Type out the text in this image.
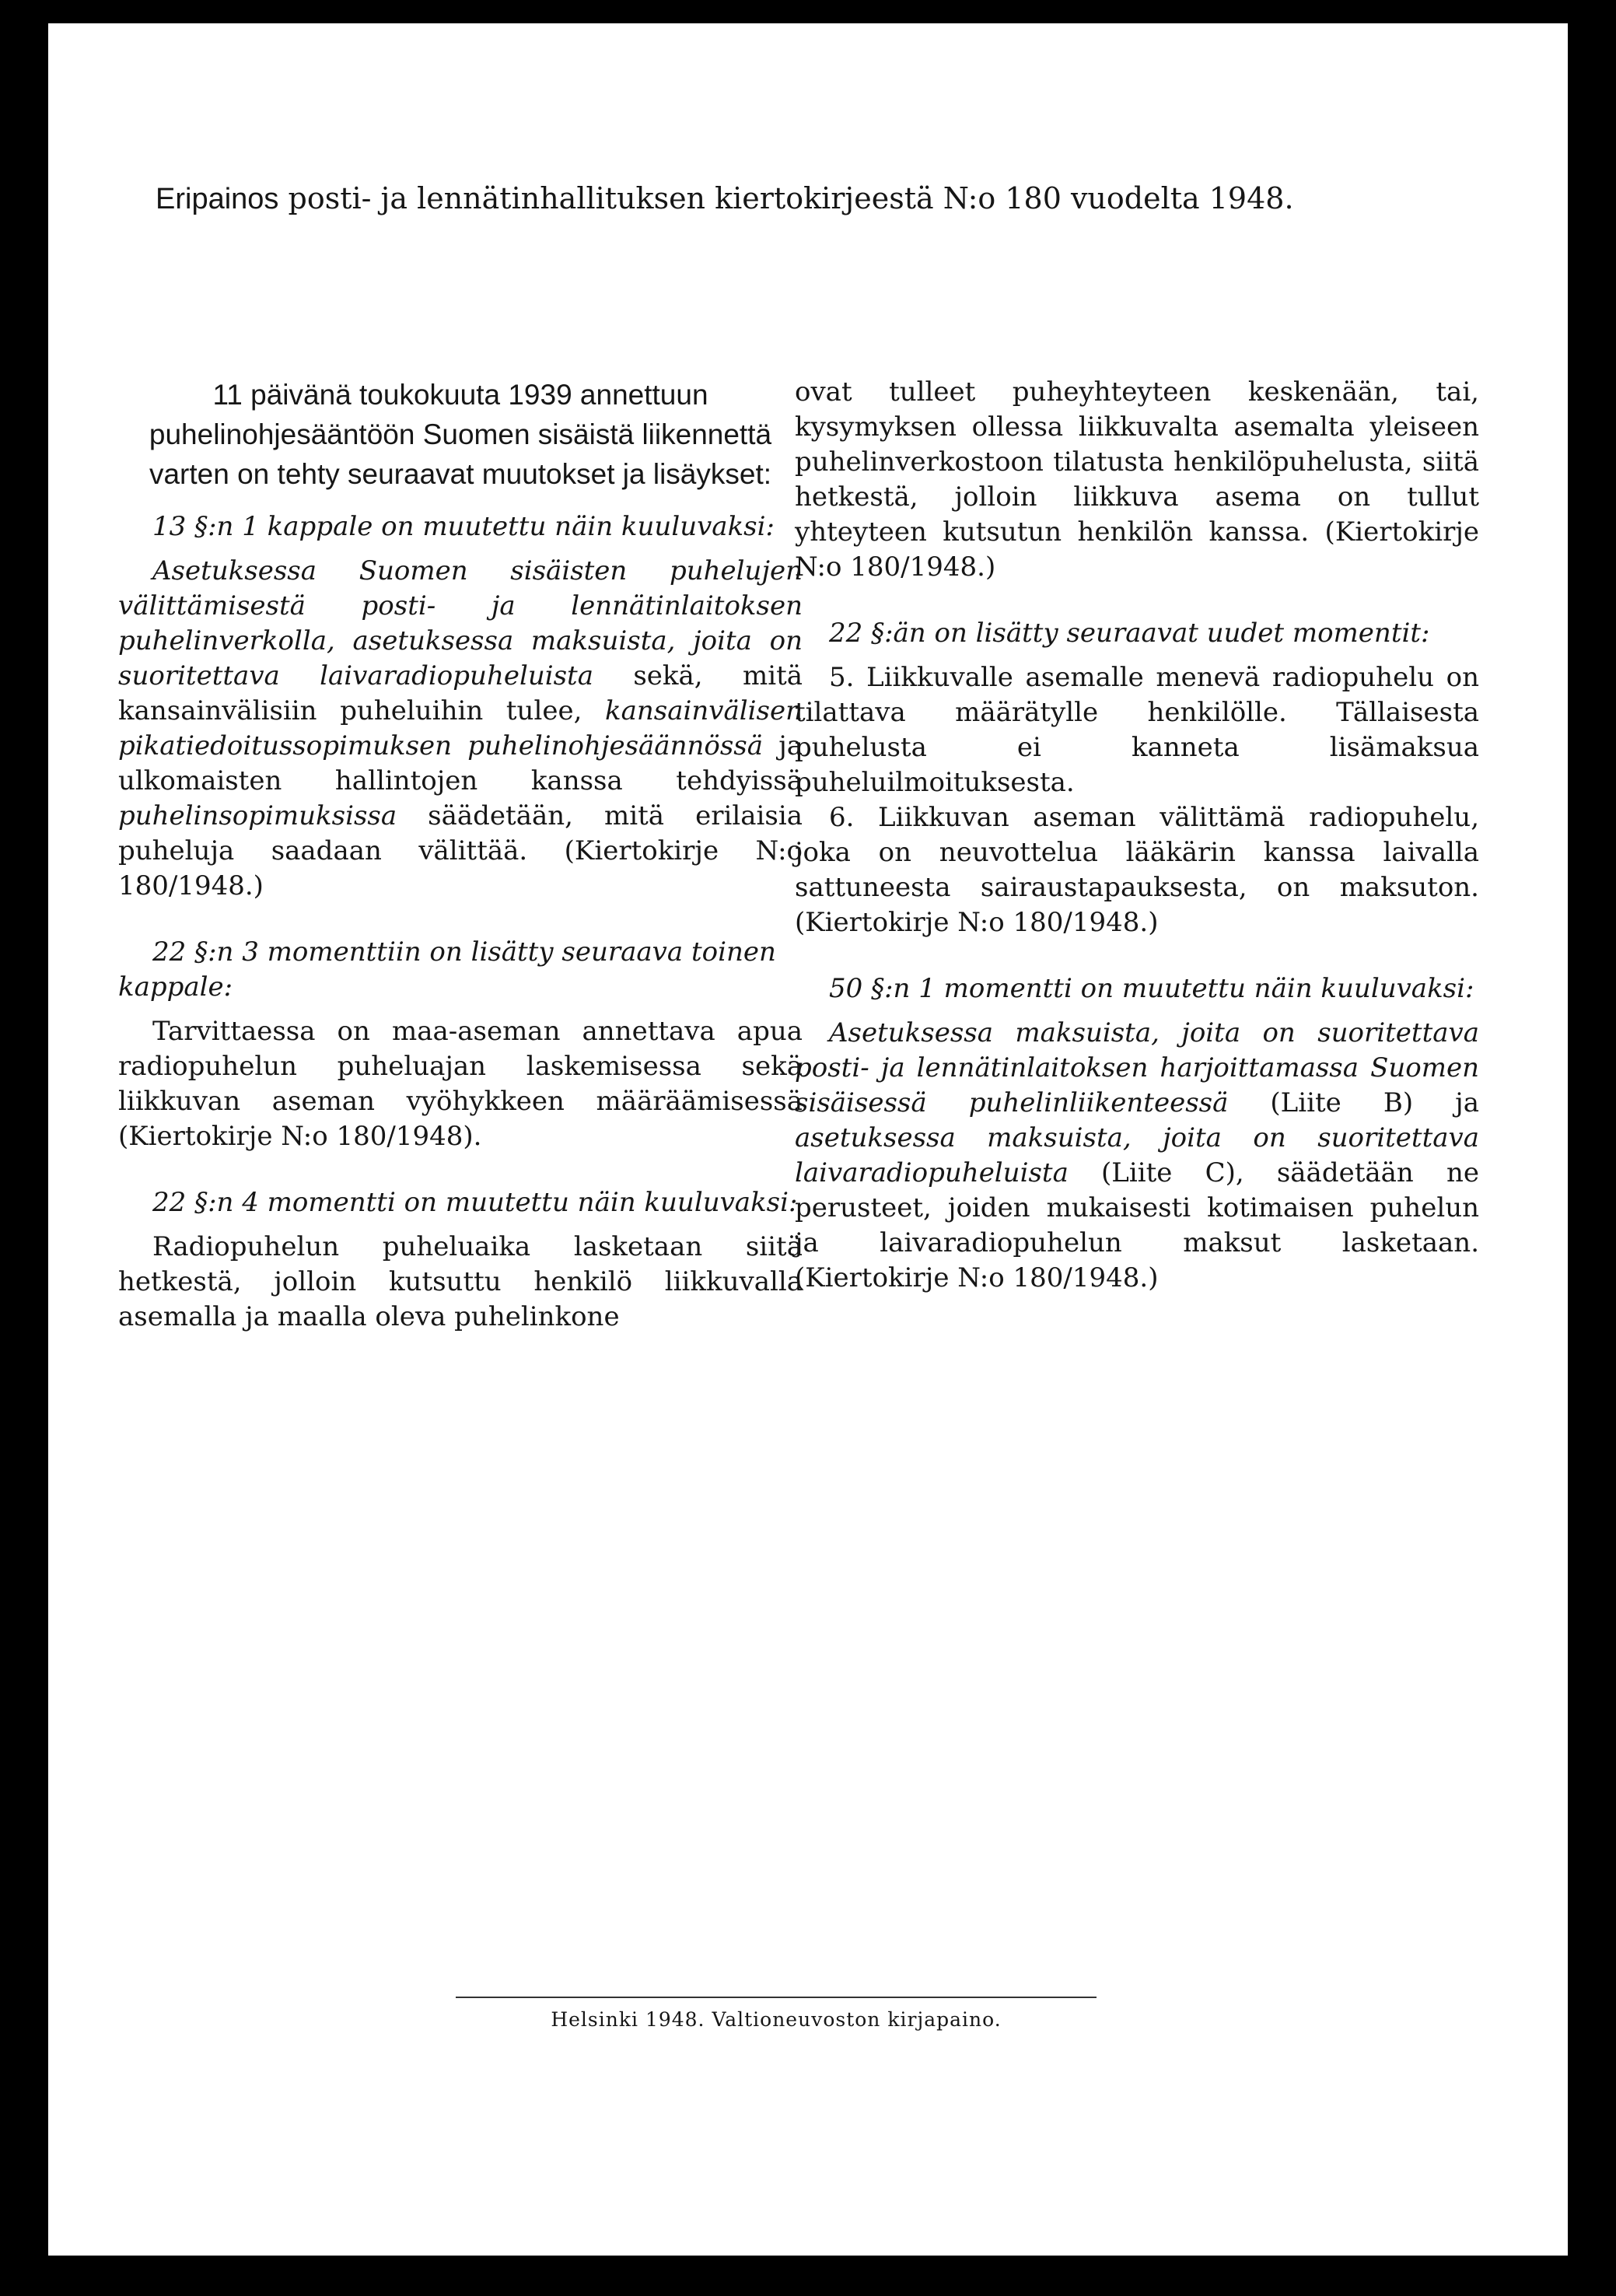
Eripainos posti- ja lennätinhallituksen kiertokirjeestä N:o 180 vuodelta 1948.
11 päivänä toukokuuta 1939 annettuun puhelinohjesääntöön Suomen sisäistä liikennettä varten on tehty seuraavat muutokset ja lisäykset:

13 §:n 1 kappale on muutettu näin kuuluvaksi:

Asetuksessa Suomen sisäisten puhelujen välittämisestä posti- ja lennätinlaitoksen puhelinverkolla, asetuksessa maksuista, joita on suoritettava laivaradiopuheluista sekä, mitä kansainvälisiin puheluihin tulee, kansainvälisen pikatiedoitussopimuksen puhelinohjesäännössä ja ulkomaisten hallintojen kanssa tehdyissä puhelinsopimuksissa säädetään, mitä erilaisia puheluja saadaan välittää. (Kiertokirje N:o 180/1948.)

22 §:n 3 momenttiin on lisätty seuraava toinen kappale:

Tarvittaessa on maa-aseman annettava apua radiopuhelun puheluajan laskemisessa sekä liikkuvan aseman vyöhykkeen määräämisessä (Kiertokirje N:o 180/1948).

22 §:n 4 momentti on muutettu näin kuuluvaksi:

Radiopuhelun puheluaika lasketaan siitä hetkestä, jolloin kutsuttu henkilö liikkuvalla asemalla ja maalla oleva puhelinkone

ovat tulleet puheyhteyteen keskenään, tai, kysymyksen ollessa liikkuvalta asemalta yleiseen puhelinverkostoon tilatusta henkilöpuhelusta, siitä hetkestä, jolloin liikkuva asema on tullut yhteyteen kutsutun henkilön kanssa. (Kiertokirje N:o 180/1948.)

22 §:än on lisätty seuraavat uudet momentit:

5. Liikkuvalle asemalle menevä radiopuhelu on tilattava määrätylle henkilölle. Tällaisesta puhelusta ei kanneta lisämaksua puheluilmoituksesta.

6. Liikkuvan aseman välittämä radiopuhelu, joka on neuvottelua lääkärin kanssa laivalla sattuneesta sairaustapauksesta, on maksuton. (Kiertokirje N:o 180/1948.)

50 §:n 1 momentti on muutettu näin kuuluvaksi:

Asetuksessa maksuista, joita on suoritettava posti- ja lennätinlaitoksen harjoittamassa Suomen sisäisessä puhelinliikenteessä (Liite B) ja asetuksessa maksuista, joita on suoritettava laivaradiopuheluista (Liite C), säädetään ne perusteet, joiden mukaisesti kotimaisen puhelun ja laivaradiopuhelun maksut lasketaan. (Kiertokirje N:o 180/1948.)

Helsinki 1948. Valtioneuvoston kirjapaino.
